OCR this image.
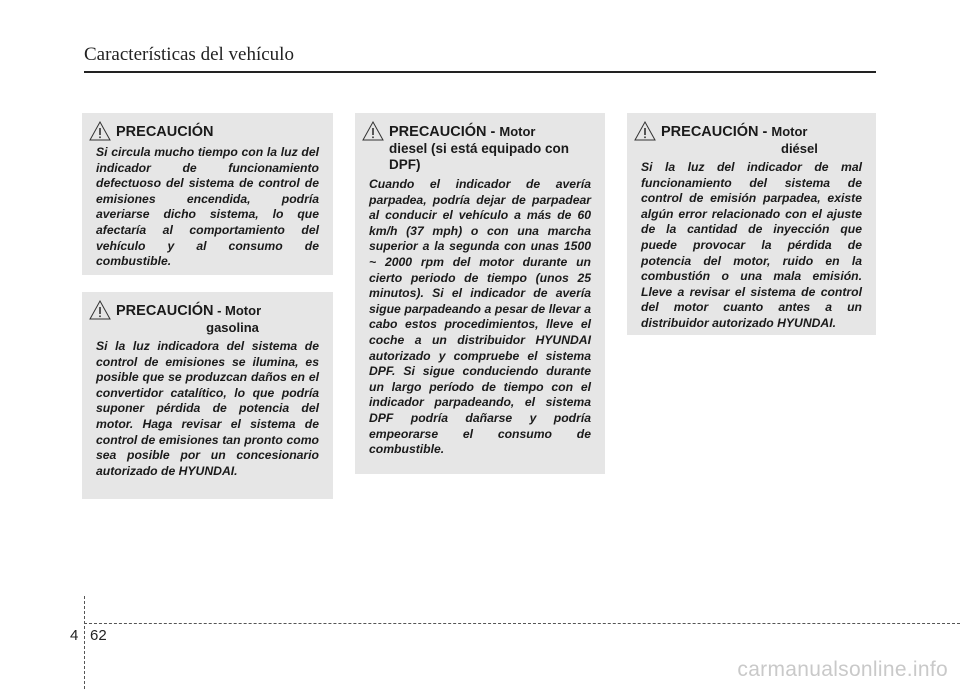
Características del vehículo
PRECAUCIÓN

Si circula mucho tiempo con la luz del indicador de funcionamiento defectuoso del sistema de control de emisiones encendida, podría averiarse dicho sistema, lo que afectaría al comportamiento del vehículo y al consumo de combustible.

PRECAUCIÓN - Motor
gasolina

Si la luz indicadora del sistema de control de emisiones se ilumina, es posible que se produzcan daños en el convertidor catalítico, lo que podría suponer pérdida de potencia del motor. Haga revisar el sistema de control de emisiones tan pronto como sea posible por un concesionario autorizado de HYUNDAI.

PRECAUCIÓN - Motor
diesel (si está equipado con DPF)

Cuando el indicador de avería parpadea, podría dejar de parpadear al conducir el vehículo a más de 60 km/h (37 mph) o con una marcha superior a la segunda con unas 1500 ~ 2000 rpm del motor durante un cierto periodo de tiempo (unos 25 minutos). Si el indicador de avería sigue parpadeando a pesar de llevar a cabo estos procedimientos, lleve el coche a un distribuidor HYUNDAI autorizado y compruebe el sistema DPF. Si sigue conduciendo durante un largo período de tiempo con el indicador parpadeando, el sistema DPF podría dañarse y podría empeorarse el consumo de combustible.

PRECAUCIÓN - Motor
diésel

Si la luz del indicador de mal funcionamiento del sistema de control de emisión parpadea, existe algún error relacionado con el ajuste de la cantidad de inyección que puede provocar la pérdida de potencia del motor, ruido en la combustión o una mala emisión. Lleve a revisar el sistema de control del motor cuanto antes a un distribuidor autorizado HYUNDAI.

4 62
carmanualsonline.info
